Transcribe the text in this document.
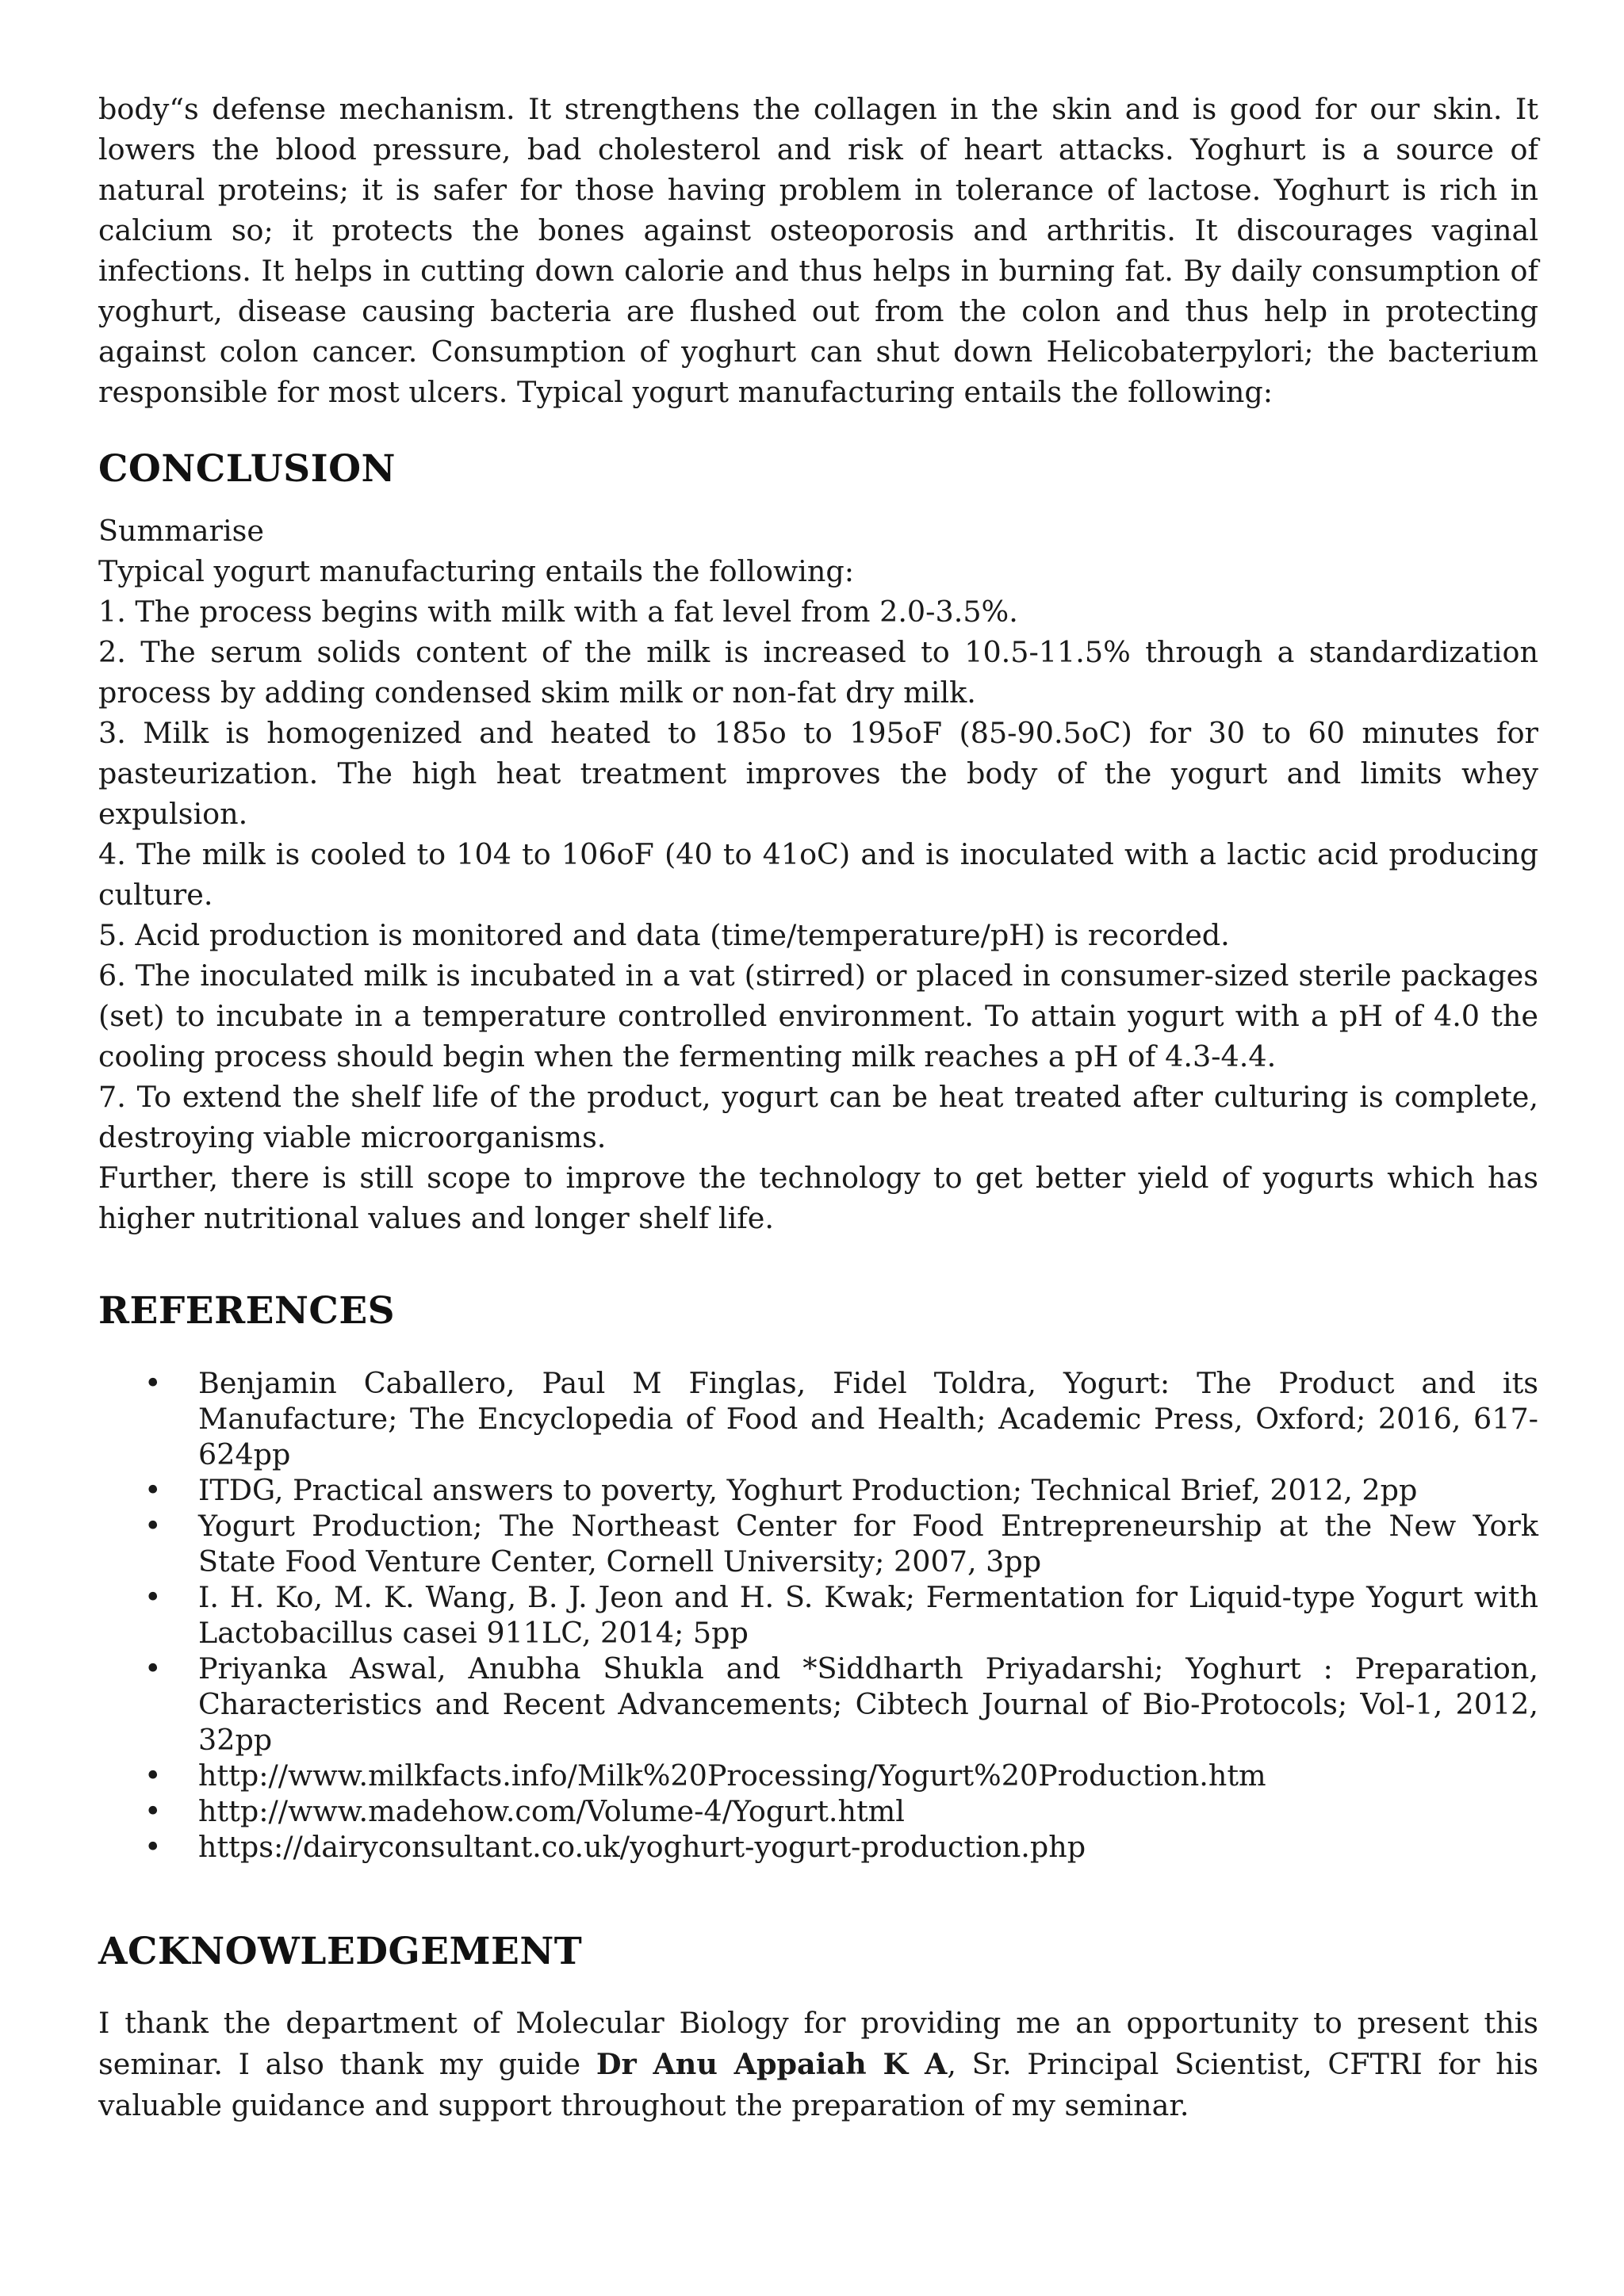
body“s defense mechanism. It strengthens the collagen in the skin and is good for our skin. It lowers the blood pressure, bad cholesterol and risk of heart attacks. Yoghurt is a source of natural proteins; it is safer for those having problem in tolerance of lactose. Yoghurt is rich in calcium so; it protects the bones against osteoporosis and arthritis. It discourages vaginal infections. It helps in cutting down calorie and thus helps in burning fat. By daily consumption of yoghurt, disease causing bacteria are flushed out from the colon and thus help in protecting against colon cancer. Consumption of yoghurt can shut down Helicobaterpylori; the bacterium responsible for most ulcers. Typical yogurt manufacturing entails the following:

CONCLUSION

Summarise

Typical yogurt manufacturing entails the following:

1. The process begins with milk with a fat level from 2.0-3.5%.

2. The serum solids content of the milk is increased to 10.5-11.5% through a standardization process by adding condensed skim milk or non-fat dry milk.

3. Milk is homogenized and heated to 185o to 195oF (85-90.5oC) for 30 to 60 minutes for pasteurization. The high heat treatment improves the body of the yogurt and limits whey expulsion.

4. The milk is cooled to 104 to 106oF (40 to 41oC) and is inoculated with a lactic acid producing culture.

5. Acid production is monitored and data (time/temperature/pH) is recorded.

6. The inoculated milk is incubated in a vat (stirred) or placed in consumer-sized sterile packages (set) to incubate in a temperature controlled environment. To attain yogurt with a pH of 4.0 the cooling process should begin when the fermenting milk reaches a pH of 4.3-4.4.

7. To extend the shelf life of the product, yogurt can be heat treated after culturing is complete, destroying viable microorganisms.

Further, there is still scope to improve the technology to get better yield of yogurts which has higher nutritional values and longer shelf life.

REFERENCES
• Benjamin Caballero, Paul M Finglas, Fidel Toldra, Yogurt: The Product and its Manufacture; The Encyclopedia of Food and Health; Academic Press, Oxford; 2016, 617-624pp
• ITDG, Practical answers to poverty, Yoghurt Production; Technical Brief, 2012, 2pp
• Yogurt Production; The Northeast Center for Food Entrepreneurship at the New York State Food Venture Center, Cornell University; 2007, 3pp
• I. H. Ko, M. K. Wang, B. J. Jeon and H. S. Kwak; Fermentation for Liquid-type Yogurt with Lactobacillus casei 911LC, 2014; 5pp
• Priyanka Aswal, Anubha Shukla and *Siddharth Priyadarshi; Yoghurt : Preparation, Characteristics and Recent Advancements; Cibtech Journal of Bio-Protocols; Vol-1, 2012, 32pp
• http://www.milkfacts.info/Milk%20Processing/Yogurt%20Production.htm
• http://www.madehow.com/Volume-4/Yogurt.html
• https://dairyconsultant.co.uk/yoghurt-yogurt-production.php
ACKNOWLEDGEMENT

I thank the department of Molecular Biology for providing me an opportunity to present this seminar. I also thank my guide Dr Anu Appaiah K A, Sr. Principal Scientist, CFTRI for his valuable guidance and support throughout the preparation of my seminar.
